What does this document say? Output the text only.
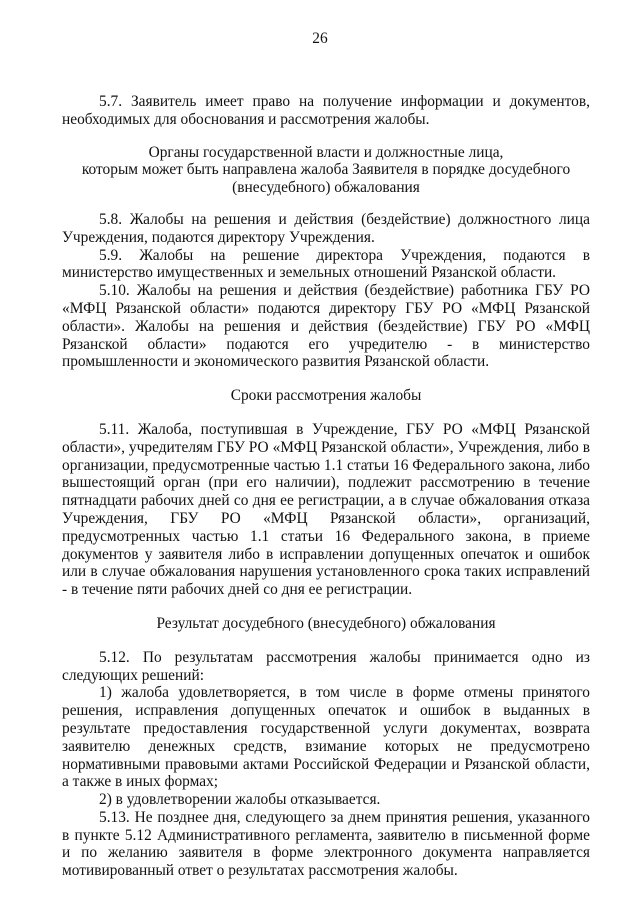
26

5.7. Заявитель имеет право на получение информации и документов, необходимых для обоснования и рассмотрения жалобы.

Органы государственной власти и должностные лица,
которым может быть направлена жалоба Заявителя в порядке досудебного
(внесудебного) обжалования

5.8. Жалобы на решения и действия (бездействие) должностного лица Учреждения, подаются директору Учреждения.

5.9. Жалобы на решение директора Учреждения, подаются в министерство имущественных и земельных отношений Рязанской области.

5.10. Жалобы на решения и действия (бездействие) работника ГБУ РО «МФЦ Рязанской области» подаются директору ГБУ РО «МФЦ Рязанской области». Жалобы на решения и действия (бездействие) ГБУ РО «МФЦ Рязанской области» подаются его учредителю - в министерство промышленности и экономического развития Рязанской области.

Сроки рассмотрения жалобы

5.11. Жалоба, поступившая в Учреждение, ГБУ РО «МФЦ Рязанской области», учредителям ГБУ РО «МФЦ Рязанской области», Учреждения, либо в организации, предусмотренные частью 1.1 статьи 16 Федерального закона, либо вышестоящий орган (при его наличии), подлежит рассмотрению в течение пятнадцати рабочих дней со дня ее регистрации, а в случае обжалования отказа Учреждения, ГБУ РО «МФЦ Рязанской области», организаций, предусмотренных частью 1.1 статьи 16 Федерального закона, в приеме документов у заявителя либо в исправлении допущенных опечаток и ошибок или в случае обжалования нарушения установленного срока таких исправлений - в течение пяти рабочих дней со дня ее регистрации.

Результат досудебного (внесудебного) обжалования

5.12. По результатам рассмотрения жалобы принимается одно из следующих решений:

1) жалоба удовлетворяется, в том числе в форме отмены принятого решения, исправления допущенных опечаток и ошибок в выданных в результате предоставления государственной услуги документах, возврата заявителю денежных средств, взимание которых не предусмотрено нормативными правовыми актами Российской Федерации и Рязанской области, а также в иных формах;

2) в удовлетворении жалобы отказывается.

5.13. Не позднее дня, следующего за днем принятия решения, указанного в пункте 5.12 Административного регламента, заявителю в письменной форме и по желанию заявителя в форме электронного документа направляется мотивированный ответ о результатах рассмотрения жалобы.
